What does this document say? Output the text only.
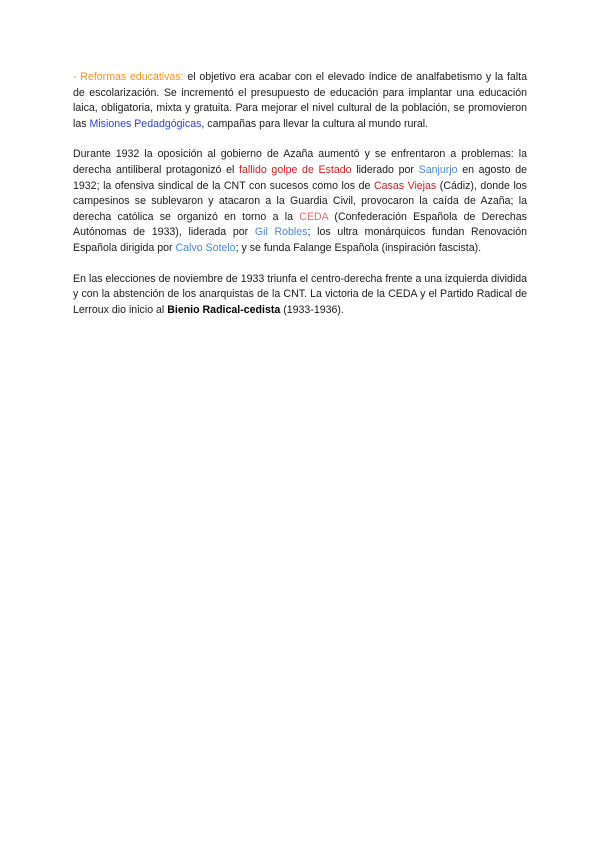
- Reformas educativas: el objetivo era acabar con el elevado índice de analfabetismo y la falta de escolarización. Se incrementó el presupuesto de educación para implantar una educación laica, obligatoria, mixta y gratuita. Para mejorar el nivel cultural de la población, se promovieron las Misiones Pedadgógicas, campañas para llevar la cultura al mundo rural.

Durante 1932 la oposición al gobierno de Azaña aumentó y se enfrentaron a problemas: la derecha antiliberal protagonizó el fallido golpe de Estado liderado por Sanjurjo en agosto de 1932; la ofensiva sindical de la CNT con sucesos como los de Casas Viejas (Cádiz), donde los campesinos se sublevaron y atacaron a la Guardia Civil, provocaron la caída de Azaña; la derecha católica se organizó en torno a la CEDA (Confederación Española de Derechas Autónomas de 1933), liderada por Gil Robles; los ultra monárquicos fundan Renovación Española dirigida por Calvo Sotelo; y se funda Falange Española (inspiración fascista).

En las elecciones de noviembre de 1933 triunfa el centro-derecha frente a una izquierda dividida y con la abstención de los anarquistas de la CNT. La victoria de la CEDA y el Partido Radical de Lerroux dio inicio al Bienio Radical-cedista (1933-1936).
